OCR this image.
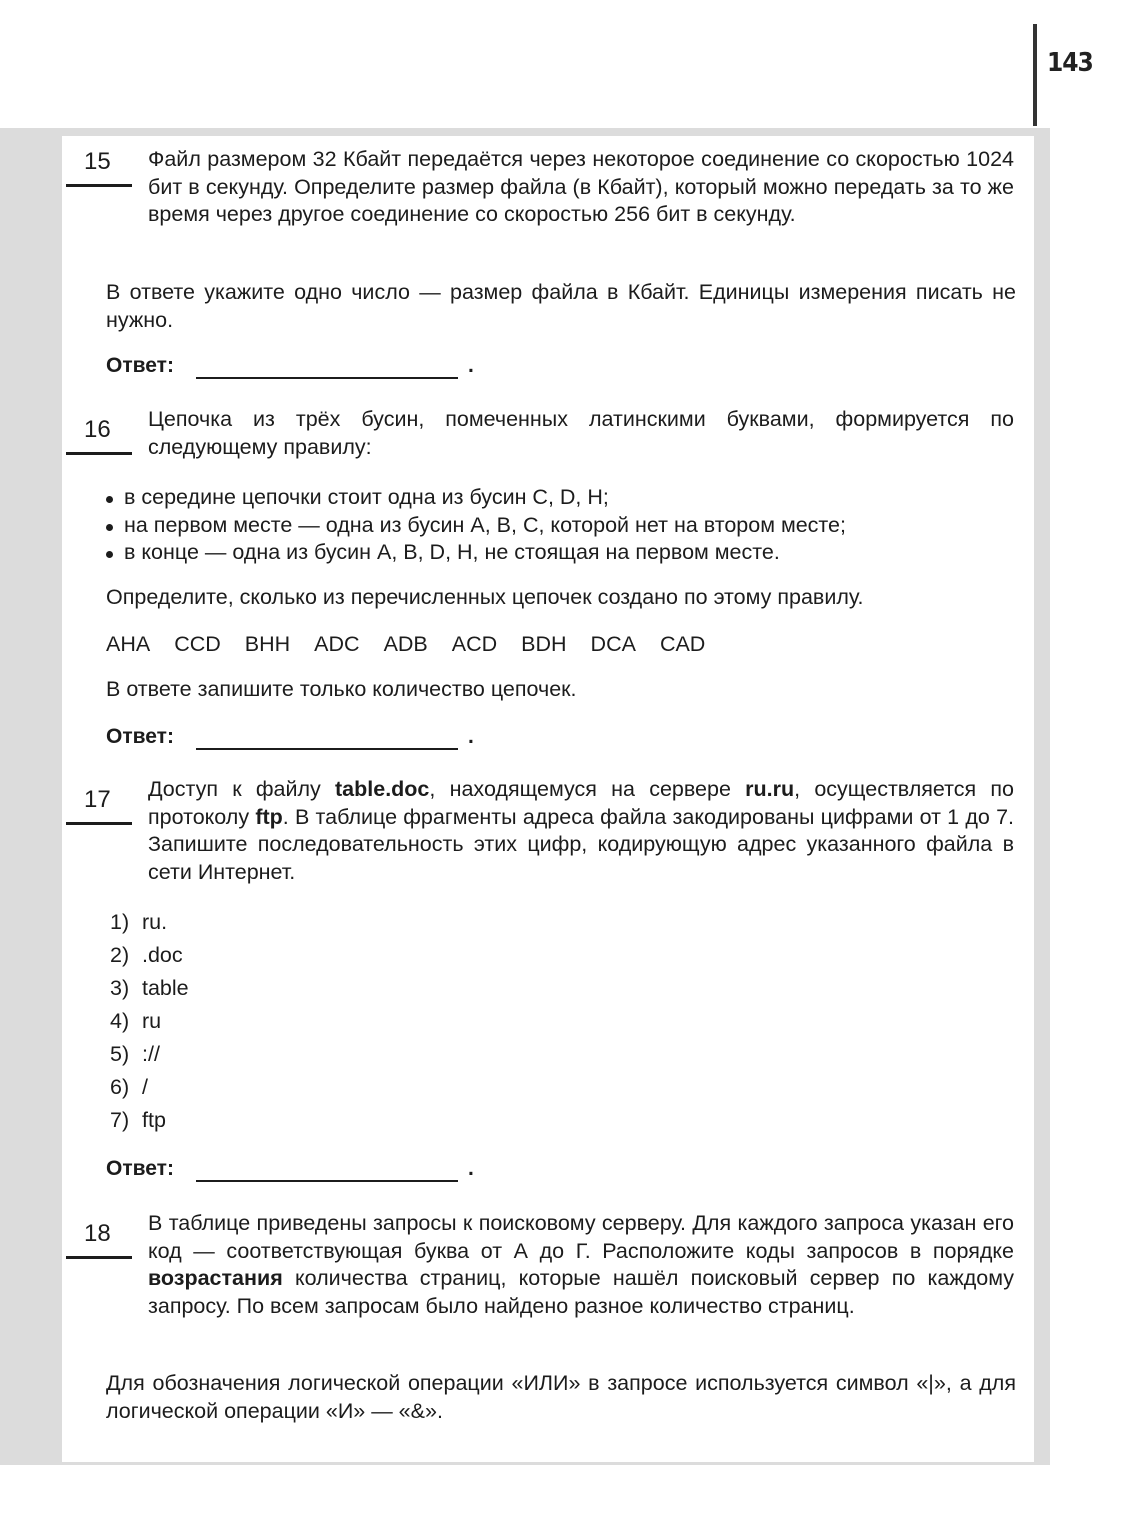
143
15 Файл размером 32 Кбайт передаётся через некоторое соединение со скоростью 1024 бит в секунду. Определите размер файла (в Кбайт), который можно передать за то же время через другое соединение со скоростью 256 бит в секунду.
В ответе укажите одно число — размер файла в Кбайт. Единицы измерения писать не нужно.
Ответ:	.
16 Цепочка из трёх бусин, помеченных латинскими буквами, формируется по следующему правилу:
в середине цепочки стоит одна из бусин C, D, H;
на первом месте — одна из бусин A, B, C, которой нет на втором месте;
в конце — одна из бусин A, B, D, H, не стоящая на первом месте.
Определите, сколько из перечисленных цепочек создано по этому правилу.
AHA CCD BHH ADC ADB ACD BDH DCA CAD
В ответе запишите только количество цепочек.
Ответ:	.
17 Доступ к файлу table.doc, находящемуся на сервере ru.ru, осуществляется по протоколу ftp. В таблице фрагменты адреса файла закодированы цифрами от 1 до 7. Запишите последовательность этих цифр, кодирующую адрес указанного файла в сети Интернет.
1) ru.
2) .doc
3) table
4) ru
5) ://
6) /
7) ftp
Ответ:	.
18 В таблице приведены запросы к поисковому серверу. Для каждого запроса указан его код — соответствующая буква от А до Г. Расположите коды запросов в порядке возрастания количества страниц, которые нашёл поисковый сервер по каждому запросу. По всем запросам было найдено разное количество страниц.
Для обозначения логической операции «ИЛИ» в запросе используется символ «|», а для логической операции «И» — «&».
